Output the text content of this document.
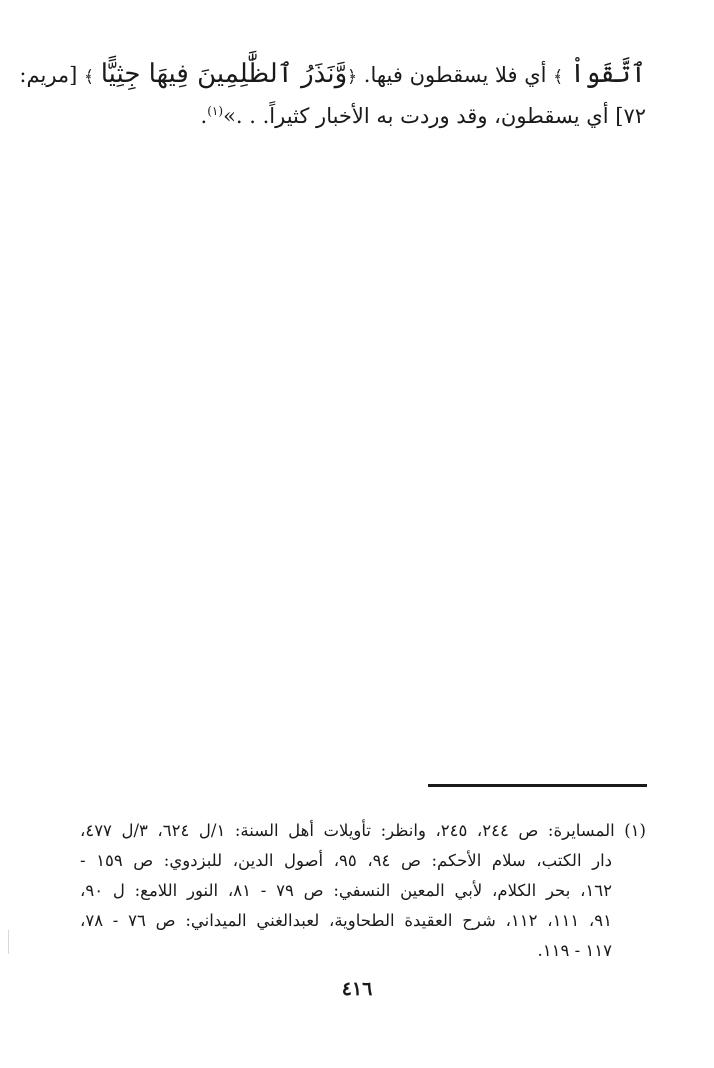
ٱتَّقَواْ ﴾ أي فلا يسقطون فيها. ﴿وَّنَذَرُ ٱلظَّٰلِمِينَ فِيهَا جِثِيًّا ﴾ [مريم:
٧٢] أي يسقطون، وقد وردت به الأخبار كثيراً. . .»$^{(١)}$.
(١) المسايرة: ص ٢٤٤، ٢٤٥، وانظر: تأويلات أهل السنة: ١/ل ٦٢٤، ٣/ل ٤٧٧،
دار الكتب، سلام الأحكم: ص ٩٤، ٩٥، أصول الدين، للبزدوي: ص ١٥٩ -
١٦٢، بحر الكلام، لأبي المعين النسفي: ص ٧٩ - ٨١، النور اللامع: ل ٩٠،
٩١، ١١١، ١١٢، شرح العقيدة الطحاوية، لعبدالغني الميداني: ص ٧٦ - ٧٨،
١١٧ - ١١٩.
٤١٦
